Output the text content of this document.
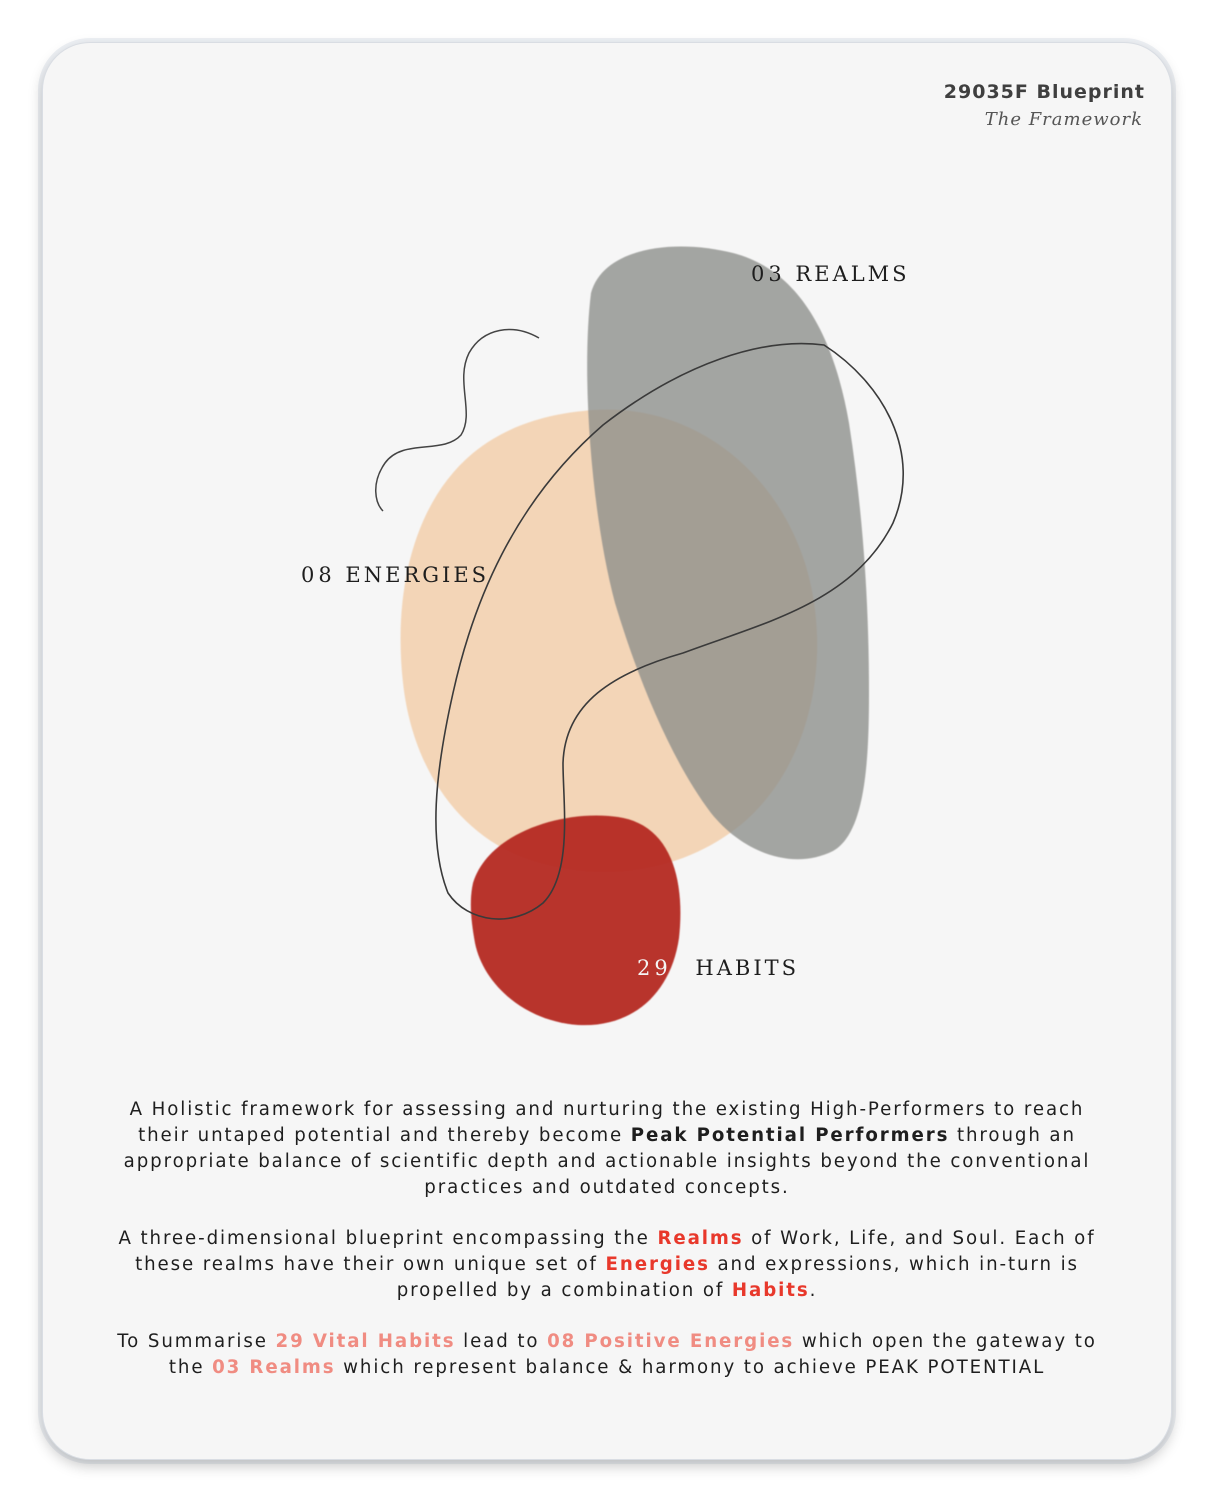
29035F Blueprint
The Framework
03 REALMS
08 ENERGIES
29 HABITS

A Holistic framework for assessing and nurturing the existing High-Performers to reach their untaped potential and thereby become Peak Potential Performers through an appropriate balance of scientific depth and actionable insights beyond the conventional practices and outdated concepts.

A three-dimensional blueprint encompassing the Realms of Work, Life, and Soul. Each of these realms have their own unique set of Energies and expressions, which in-turn is propelled by a combination of Habits.

To Summarise 29 Vital Habits lead to 08 Positive Energies which open the gateway to the 03 Realms which represent balance & harmony to achieve PEAK POTENTIAL
